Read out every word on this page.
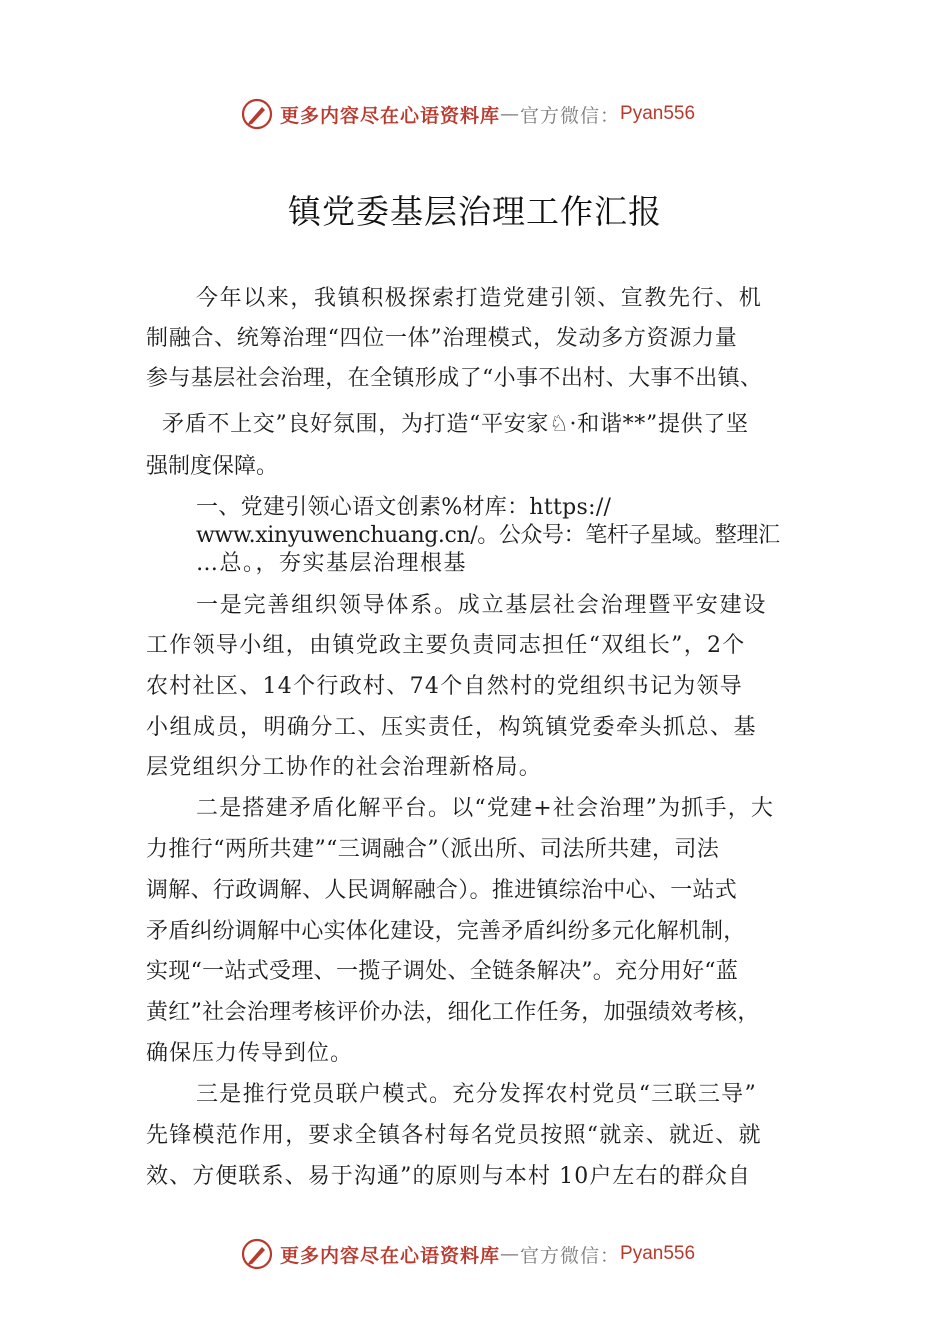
更多内容尽在心语资料库 — 官方微信： Pyan556
镇党委基层治理工作汇报
今年以来，我镇积极探索打造党建引领、宣教先行、机
制融合、统筹治理“四位一体”治理模式，发动多方资源力量
参与基层社会治理，在全镇形成了“小事不出村、大事不出镇、
矛盾不上交”良好氛围，为打造“平安家♘·和谐**”提供了坚
强制度保障。
一、党建引领心语文创素%材库：https://
www.xinyuwenchuang.cn/。公众号：笔杆子星域。整理汇
…总。，夯实基层治理根基
一是完善组织领导体系。成立基层社会治理暨平安建设
工作领导小组，由镇党政主要负责同志担任“双组长”，2个
农村社区、14个行政村、74个自然村的党组织书记为领导
小组成员，明确分工、压实责任，构筑镇党委牵头抓总、基
层党组织分工协作的社会治理新格局。
二是搭建矛盾化解平台。以“党建+社会治理”为抓手，大
力推行“两所共建”“三调融合”（派出所、司法所共建，司法
调解、行政调解、人民调解融合）。推进镇综治中心、一站式
矛盾纠纷调解中心实体化建设，完善矛盾纠纷多元化解机制，
实现“一站式受理、一揽子调处、全链条解决”。充分用好“蓝
黄红”社会治理考核评价办法，细化工作任务，加强绩效考核，
确保压力传导到位。
三是推行党员联户模式。充分发挥农村党员“三联三导”
先锋模范作用，要求全镇各村每名党员按照“就亲、就近、就
效、方便联系、易于沟通”的原则与本村 10户左右的群众自
更多内容尽在心语资料库 — 官方微信： Pyan556
